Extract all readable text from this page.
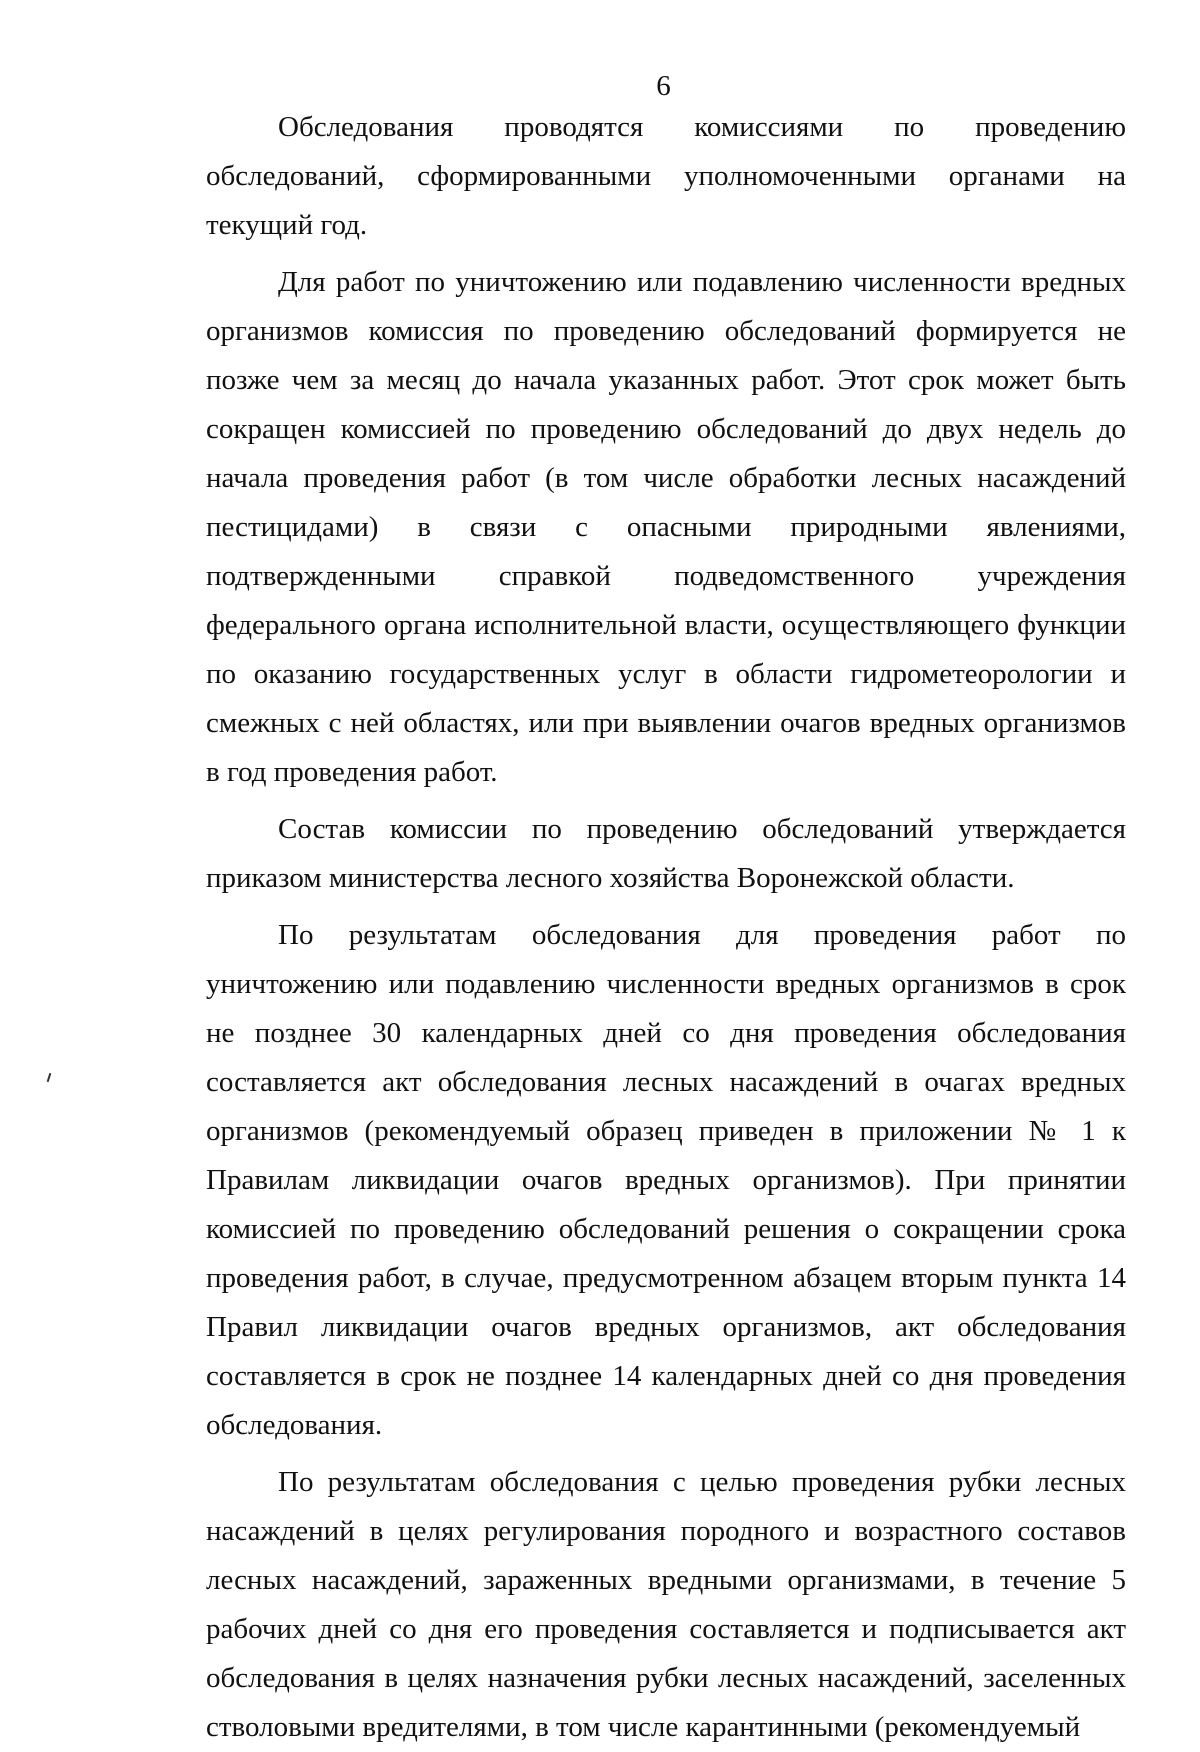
6

Обследования проводятся комиссиями по проведению обследований, сформированными уполномоченными органами на текущий год.

Для работ по уничтожению или подавлению численности вредных организмов комиссия по проведению обследований формируется не позже чем за месяц до начала указанных работ. Этот срок может быть сокращен комиссией по проведению обследований до двух недель до начала проведения работ (в том числе обработки лесных насаждений пестицидами) в связи с опасными природными явлениями, подтвержденными справкой подведомственного учреждения федерального органа исполнительной власти, осуществляющего функции по оказанию государственных услуг в области гидрометеорологии и смежных с ней областях, или при выявлении очагов вредных организмов в год проведения работ.

Состав комиссии по проведению обследований утверждается приказом министерства лесного хозяйства Воронежской области.

По результатам обследования для проведения работ по уничтожению или подавлению численности вредных организмов в срок не позднее 30 календарных дней со дня проведения обследования составляется акт обследования лесных насаждений в очагах вредных организмов (рекомендуемый образец приведен в приложении № 1 к Правилам ликвидации очагов вредных организмов). При принятии комиссией по проведению обследований решения о сокращении срока проведения работ, в случае, предусмотренном абзацем вторым пункта 14 Правил ликвидации очагов вредных организмов, акт обследования составляется в срок не позднее 14 календарных дней со дня проведения обследования.

По результатам обследования с целью проведения рубки лесных насаждений в целях регулирования породного и возрастного составов лесных насаждений, зараженных вредными организмами, в течение 5 рабочих дней со дня его проведения составляется и подписывается акт обследования в целях назначения рубки лесных насаждений, заселенных стволовыми вредителями, в том числе карантинными (рекомендуемый
